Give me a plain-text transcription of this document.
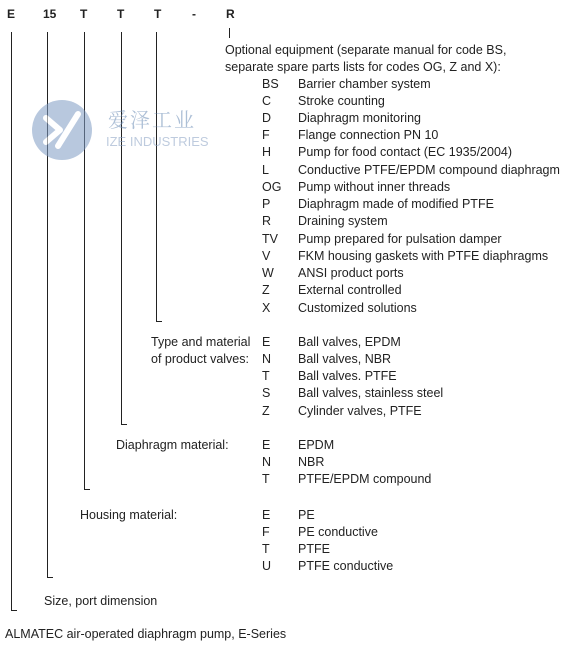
E 15 T T T	-	R
爱泽工业
IZE INDUSTRIES
Optional equipment (separate manual for code BS,
separate spare parts lists for codes OG, Z and X):
BS Barrier chamber system
C Stroke counting
D Diaphragm monitoring
F Flange connection PN 10
H Pump for food contact (EC 1935/2004)
L Conductive PTFE/EPDM compound diaphragm
OG Pump without inner threads
P Diaphragm made of modified PTFE
R Draining system
TV Pump prepared for pulsation damper
V FKM housing gaskets with PTFE diaphragms
W ANSI product ports
Z External controlled
X Customized solutions
Type and material
of product valves:
E Ball valves, EPDM
N Ball valves, NBR
T Ball valves. PTFE
S Ball valves, stainless steel
Z Cylinder valves, PTFE
Diaphragm material:	E EPDM
N NBR
T PTFE/EPDM compound
Housing material:	E PE
F PE conductive
T PTFE
U PTFE conductive
Size, port dimension
ALMATEC air-operated diaphragm pump, E-Series
